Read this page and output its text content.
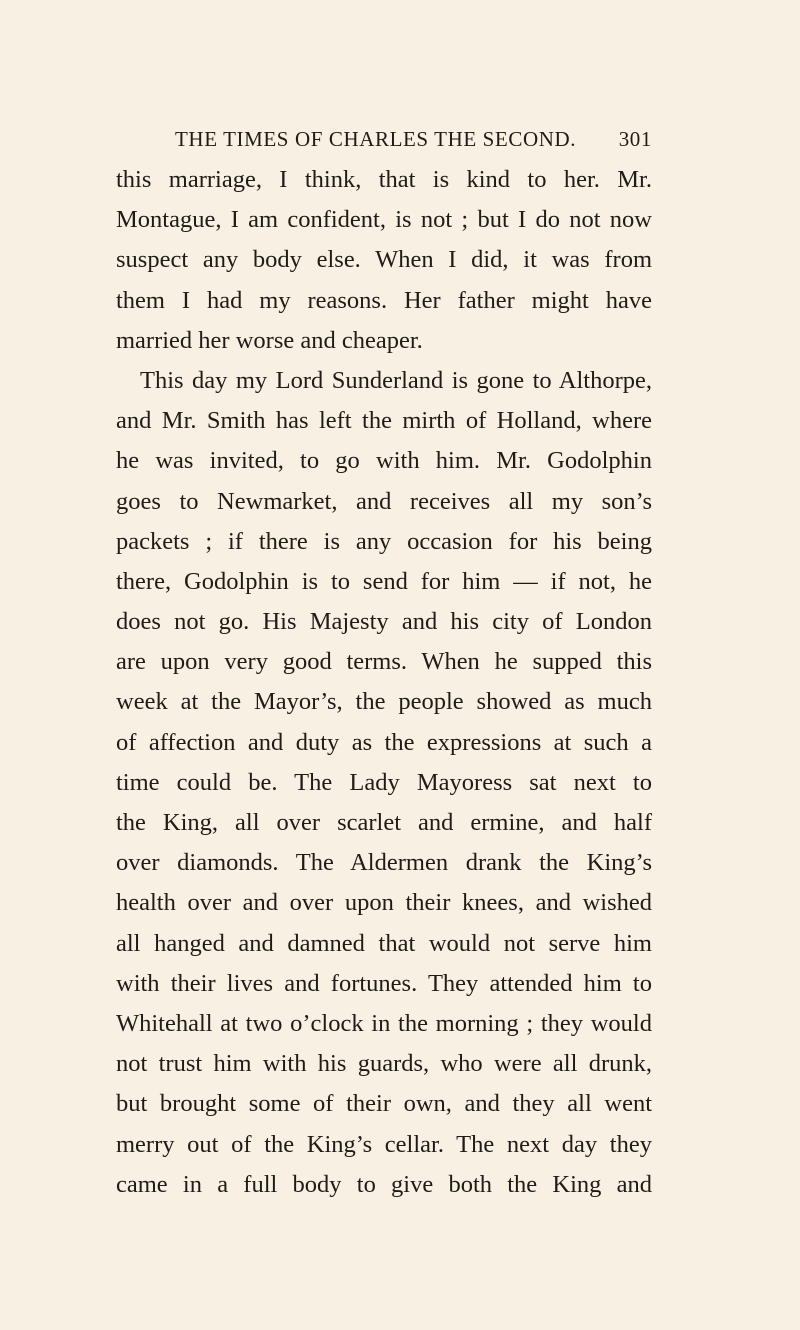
THE TIMES OF CHARLES THE SECOND. 301
this marriage, I think, that is kind to her. Mr.
Montague, I am confident, is not ; but I do not now
suspect any body else. When I did, it was from
them I had my reasons. Her father might have
married her worse and cheaper.
This day my Lord Sunderland is gone to Althorpe,
and Mr. Smith has left the mirth of Holland, where
he was invited, to go with him. Mr. Godolphin
goes to Newmarket, and receives all my son’s
packets ; if there is any occasion for his being
there, Godolphin is to send for him — if not, he
does not go. His Majesty and his city of London
are upon very good terms. When he supped this
week at the Mayor’s, the people showed as much
of affection and duty as the expressions at such a
time could be. The Lady Mayoress sat next to
the King, all over scarlet and ermine, and half
over diamonds. The Aldermen drank the King’s
health over and over upon their knees, and wished
all hanged and damned that would not serve him
with their lives and fortunes. They attended him to
Whitehall at two o’clock in the morning ; they would
not trust him with his guards, who were all drunk,
but brought some of their own, and they all went
merry out of the King’s cellar. The next day they
came in a full body to give both the King and
